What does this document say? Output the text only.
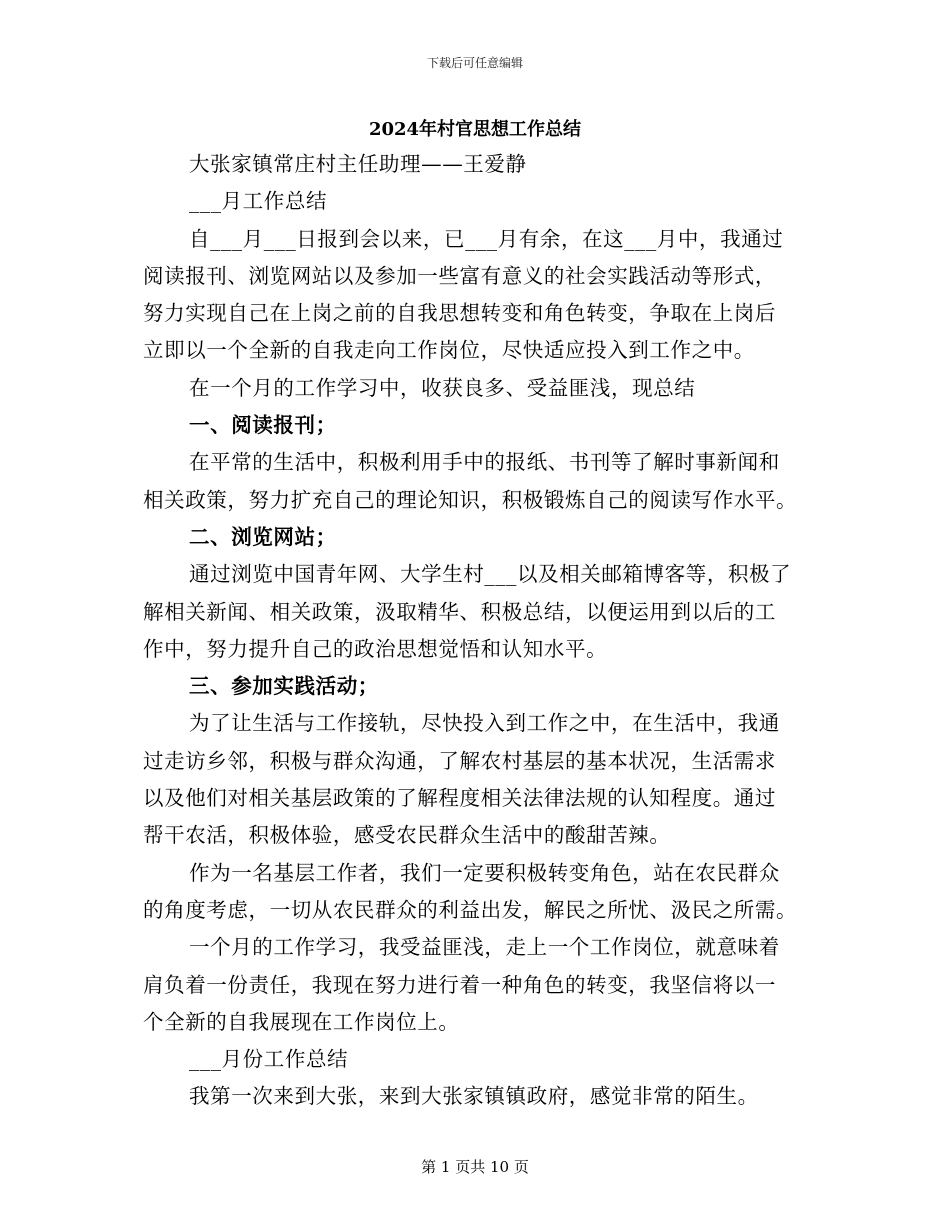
下载后可任意编辑
2024年村官思想工作总结
大张家镇常庄村主任助理——王爱静
___月工作总结
自___月___日报到会以来，已___月有余，在这___月中，我通过
阅读报刊、浏览网站以及参加一些富有意义的社会实践活动等形式，
努力实现自己在上岗之前的自我思想转变和角色转变，争取在上岗后
立即以一个全新的自我走向工作岗位，尽快适应投入到工作之中。
在一个月的工作学习中，收获良多、受益匪浅，现总结
一、阅读报刊；
在平常的生活中，积极利用手中的报纸、书刊等了解时事新闻和
相关政策，努力扩充自己的理论知识，积极锻炼自己的阅读写作水平。
二、浏览网站；
通过浏览中国青年网、大学生村___以及相关邮箱博客等，积极了
解相关新闻、相关政策，汲取精华、积极总结，以便运用到以后的工
作中，努力提升自己的政治思想觉悟和认知水平。
三、参加实践活动；
为了让生活与工作接轨，尽快投入到工作之中，在生活中，我通
过走访乡邻，积极与群众沟通，了解农村基层的基本状况，生活需求
以及他们对相关基层政策的了解程度相关法律法规的认知程度。通过
帮干农活，积极体验，感受农民群众生活中的酸甜苦辣。
作为一名基层工作者，我们一定要积极转变角色，站在农民群众
的角度考虑，一切从农民群众的利益出发，解民之所忧、汲民之所需。
一个月的工作学习，我受益匪浅，走上一个工作岗位，就意味着
肩负着一份责任，我现在努力进行着一种角色的转变，我坚信将以一
个全新的自我展现在工作岗位上。
___月份工作总结
我第一次来到大张，来到大张家镇镇政府，感觉非常的陌生。
第 1 页共 10 页
